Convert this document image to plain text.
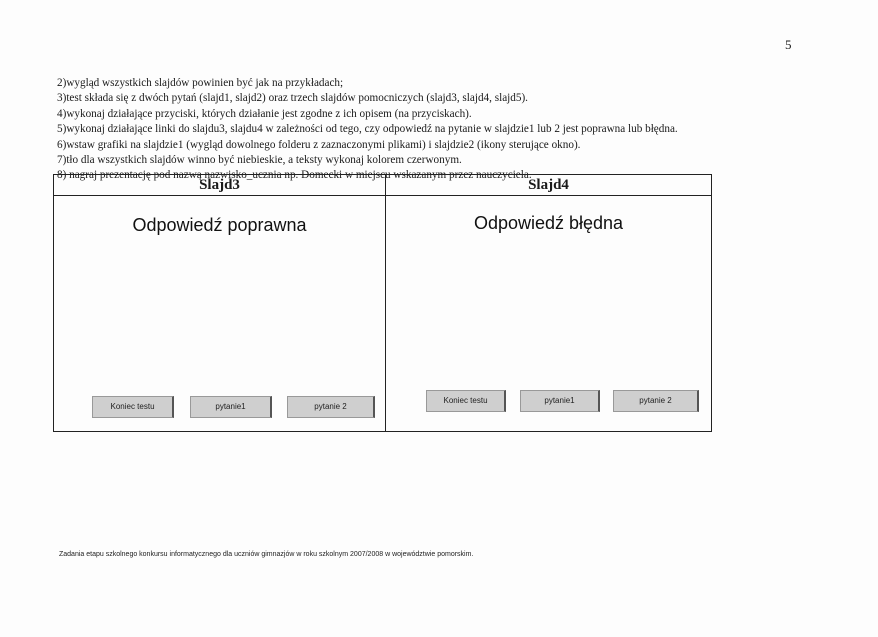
5
2)wygląd wszystkich slajdów powinien być jak na przykładach;
3)test składa się z dwóch pytań (slajd1, slajd2) oraz trzech slajdów pomocniczych (slajd3, slajd4, slajd5).
4)wykonaj działające przyciski, których działanie jest zgodne z ich opisem (na przyciskach).
5)wykonaj działające linki do slajdu3, slajdu4 w zależności od tego, czy odpowiedź na pytanie w slajdzie1 lub 2 jest poprawna lub błędna.
6)wstaw grafiki na slajdzie1 (wygląd dowolnego folderu z zaznaczonymi plikami) i slajdzie2 (ikony sterujące okno).
7)tło dla wszystkich slajdów winno być niebieskie, a teksty wykonaj kolorem czerwonym.
8) nagraj prezentację pod nazwą nazwisko_ucznia np. Domecki w miejscu wskazanym przez nauczyciela.
Slajd3
Odpowiedź poprawna
Koniec testu	pytanie1	pytanie 2
Slajd4
Odpowiedź błędna
Koniec testu	pytanie1	pytanie 2
Zadania etapu szkolnego konkursu informatycznego dla uczniów gimnazjów w roku szkolnym 2007/2008 w województwie pomorskim.
